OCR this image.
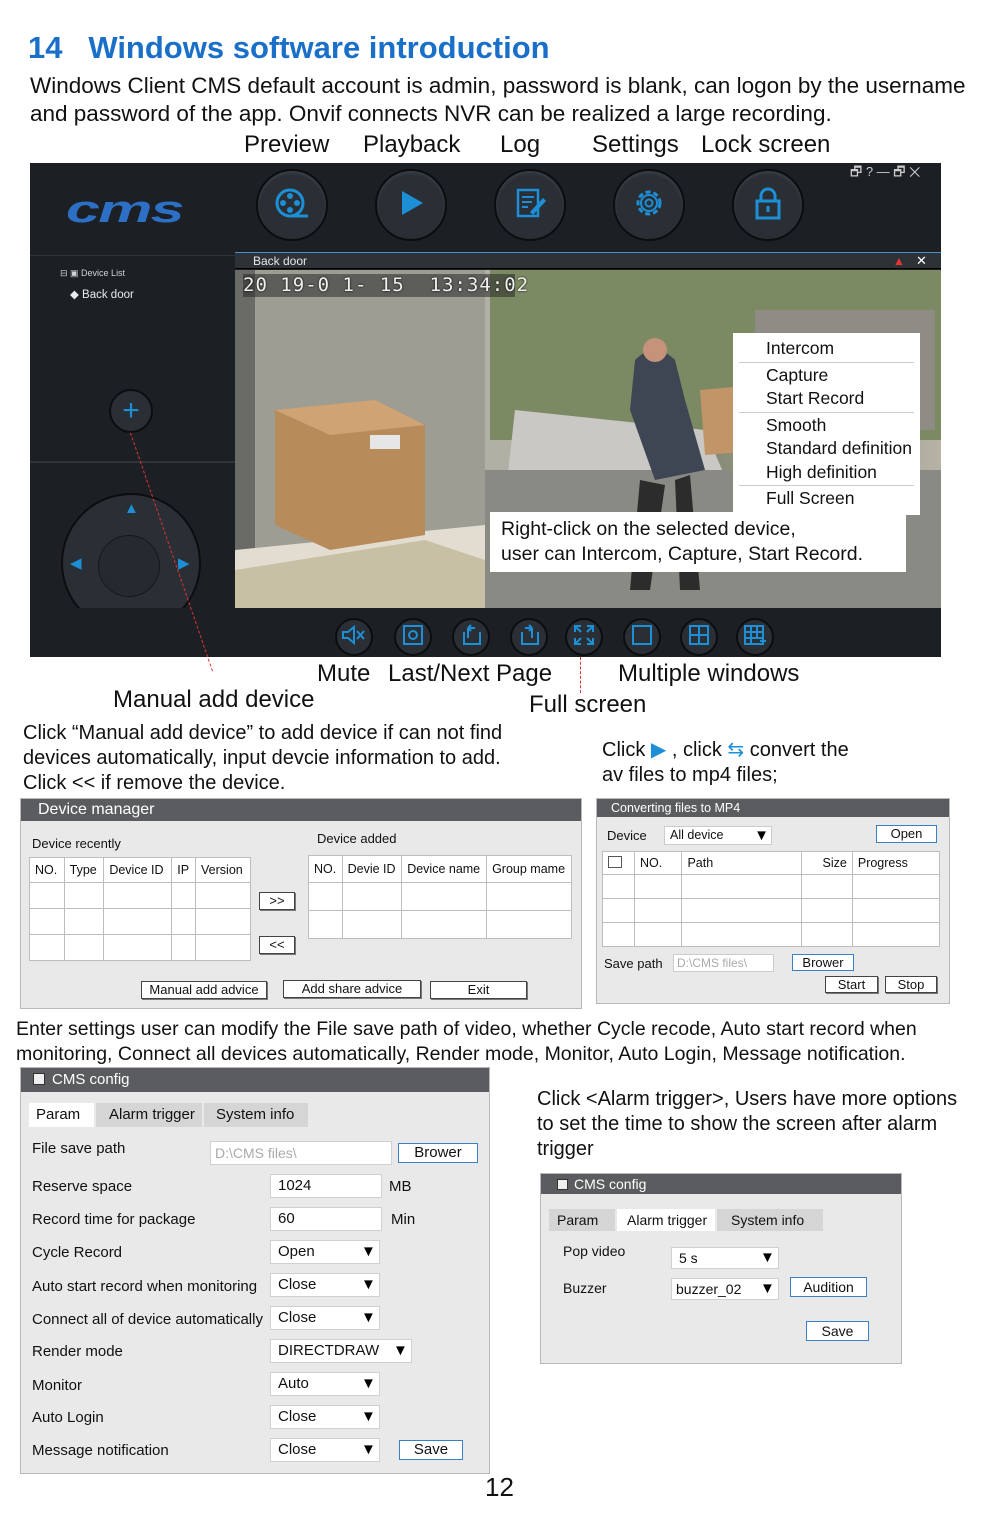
14 Windows software introduction
Windows Client CMS default account is admin, password is blank, can logon by the username and password of the app. Onvif connects NVR can be realized a large recording.
Preview Playback Log Settings Lock screen
cms
🗗 ? — 🗗 ✕
⊟ ▣ Device List
◆ Back door
+
▲
◀	▶
Back door	▲ ✕
20 19-0 1- 15 13:34:02
Intercom
Capture
Start Record
Smooth
Standard definition
High definition
Full Screen
Right-click on the selected device,
user can Intercom, Capture, Start Record.
Mute Last/Next Page	Multiple windows
Manual add device	Full screen
Click “Manual add device” to add device if can not find
devices automatically, input devcie information to add.
Click << if remove the device.
Click ▶ , click ⇆ convert the
av files to mp4 files;
Device manager
Device recently	Device added
NO.	Type	Device ID	IP	Version

>>
<<
NO.	Devie ID	Device name	Group mame

Manual add advice	Add share advice	Exit
Converting files to MP4
Device	All device ▼	Open
	NO.	Path	Size	Progress

Save path	D:\CMS files\	Brower
Start	Stop
Enter settings user can modify the File save path of video, whether Cycle recode, Auto start record when
monitoring, Connect all devices automatically, Render mode, Monitor, Auto Login, Message notification.
CMS config
Param	Alarm trigger	System info
File save path	D:\CMS files\	Brower
Reserve space	1024	MB
Record time for package	60	Min
Cycle Record	Open	▼
Auto start record when monitoring	Close	▼
Connect all of device automatically	Close	▼
Render mode	DIRECTDRAW ▼
Monitor	Auto	▼
Auto Login	Close	▼
Message notification	Close	▼	Save
Click <Alarm trigger>, Users have more options
to set the time to show the screen after alarm
trigger
CMS config
Param	Alarm trigger	System info
Pop video	5 s	▼
Buzzer	buzzer_02 ▼	Audition
Save
12
